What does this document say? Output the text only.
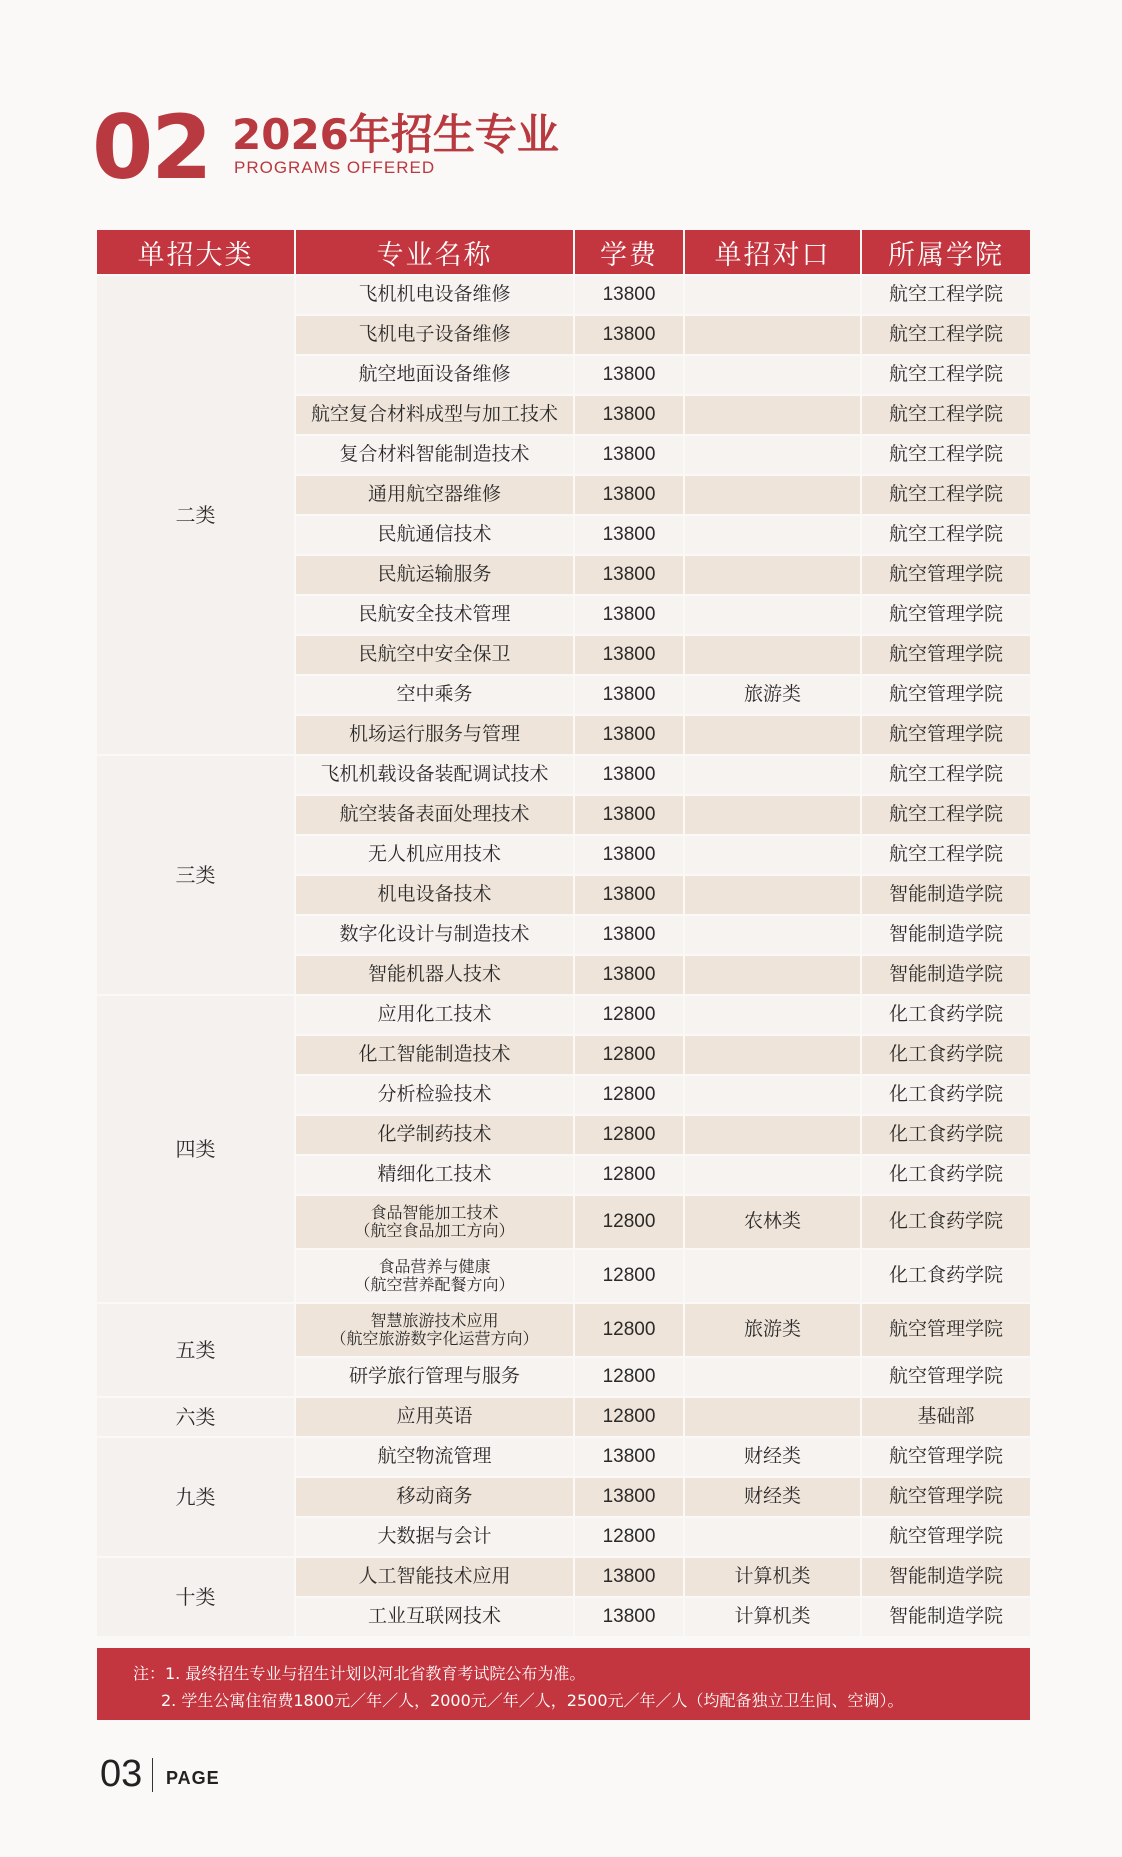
02 2026年招生专业
PROGRAMS OFFERED
单招大类	专业名称	学费	单招对口	所属学院
二类	飞机机电设备维修	13800		航空工程学院
	飞机电子设备维修	13800		航空工程学院
	航空地面设备维修	13800		航空工程学院
	航空复合材料成型与加工技术	13800		航空工程学院
	复合材料智能制造技术	13800		航空工程学院
	通用航空器维修	13800		航空工程学院
	民航通信技术	13800		航空工程学院
	民航运输服务	13800		航空管理学院
	民航安全技术管理	13800		航空管理学院
	民航空中安全保卫	13800		航空管理学院
	空中乘务	13800	旅游类	航空管理学院
	机场运行服务与管理	13800		航空管理学院
三类	飞机机载设备装配调试技术	13800		航空工程学院
	航空装备表面处理技术	13800		航空工程学院
	无人机应用技术	13800		航空工程学院
	机电设备技术	13800		智能制造学院
	数字化设计与制造技术	13800		智能制造学院
	智能机器人技术	13800		智能制造学院
四类	应用化工技术	12800		化工食药学院
	化工智能制造技术	12800		化工食药学院
	分析检验技术	12800		化工食药学院
	化学制药技术	12800		化工食药学院
	精细化工技术	12800		化工食药学院

	食品智能加工技术
（航空食品加工方向）	12800	农林类	化工食药学院

	食品营养与健康
（航空营养配餐方向）	12800		化工食药学院
五类	智慧旅游技术应用
（航空旅游数字化运营方向）	12800	旅游类	航空管理学院
	研学旅行管理与服务	12800		航空管理学院
六类	应用英语	12800		基础部
九类	航空物流管理	13800	财经类	航空管理学院
	移动商务	13800	财经类	航空管理学院
	大数据与会计	12800		航空管理学院
十类	人工智能技术应用	13800	计算机类	智能制造学院
	工业互联网技术	13800	计算机类	智能制造学院
注：1. 最终招生专业与招生计划以河北省教育考试院公布为准。
2. 学生公寓住宿费1800元／年／人，2000元／年／人，2500元／年／人（均配备独立卫生间、空调）。
03 PAGE
